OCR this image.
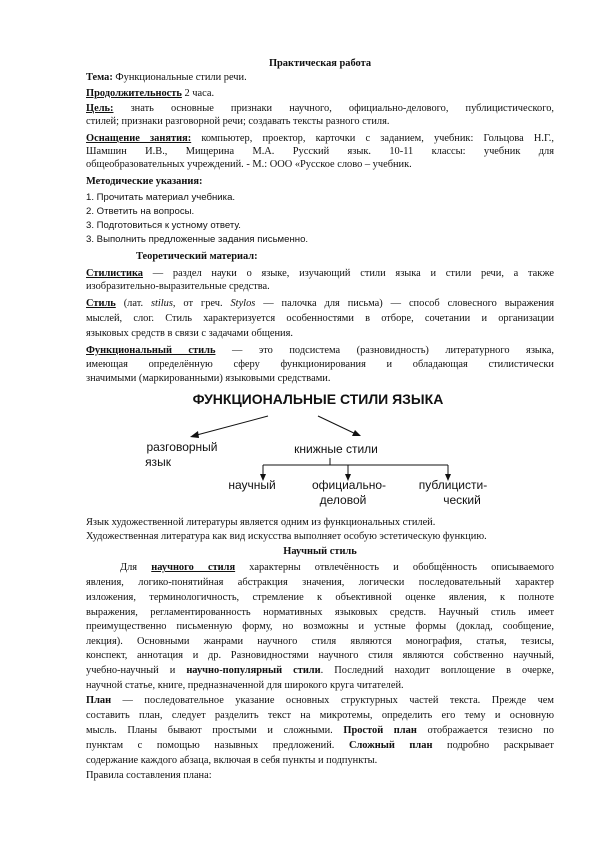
Практическая работа
Тема: Функциональные стили речи.
Продолжительность 2 часа.
Цель: знать основные признаки научного, официально-делового, публицистического,
стилей; признаки разговорной речи; создавать тексты разного стиля.
Оснащение занятия: компьютер, проектор, карточки с заданием, учебник: Гольцова Н.Г.,
Шамшин И.В., Мищерина М.А. Русский язык. 10-11 классы: учебник для
общеобразовательных учреждений. - М.: ООО «Русское слово – учебник.
Методические указания:
1. Прочитать материал учебника.
2. Ответить на вопросы.
3. Подготовиться к устному ответу.
3. Выполнить предложенные задания письменно.
Теоретический материал:
Стилистика — раздел науки о языке, изучающий стили языка и стили речи, а также
изобразительно-выразительные средства.
Стиль (лат. stilus, от греч. Stylos — палочка для письма) — способ словесного выражения
мыслей, слог. Стиль характеризуется особенностями в отборе, сочетании и организации
языковых средств в связи с задачами общения.
Функциональный стиль — это подсистема (разновидность) литературного языка,
имеющая определённую сферу функционирования и обладающая стилистически
значимыми (маркированными) языковыми средствами.
ФУНКЦИОНАЛЬНЫЕ СТИЛИ ЯЗЫКА
разговорный
язык
книжные стили
научный	официально-
деловой
публицисти-
ческий
Язык художественной литературы является одним из функциональных стилей.
Художественная литература как вид искусства выполняет особую эстетическую функцию.
Научный стиль
Для научного стиля характерны отвлечённость и обобщённость описываемого
явления, логико-понятийная абстракция значения, логически последовательный характер
изложения, терминологичность, стремление к объективной оценке явления, к полноте
выражения, регламентированность нормативных языковых средств. Научный стиль имеет
преимущественно письменную форму, но возможны и устные формы (доклад, сообщение,
лекция). Основными жанрами научного стиля являются монография, статья, тезисы,
конспект, аннотация и др. Разновидностями научного стиля являются собственно научный,
учебно-научный и научно-популярный стили. Последний находит воплощение в очерке,
научной статье, книге, предназначенной для широкого круга читателей.
План — последовательное указание основных структурных частей текста. Прежде чем
составить план, следует разделить текст на микротемы, определить его тему и основную
мысль. Планы бывают простыми и сложными. Простой план отображается тезисно по
пунктам с помощью назывных предложений. Сложный план подробно раскрывает
содержание каждого абзаца, включая в себя пункты и подпункты.
Правила составления плана:
